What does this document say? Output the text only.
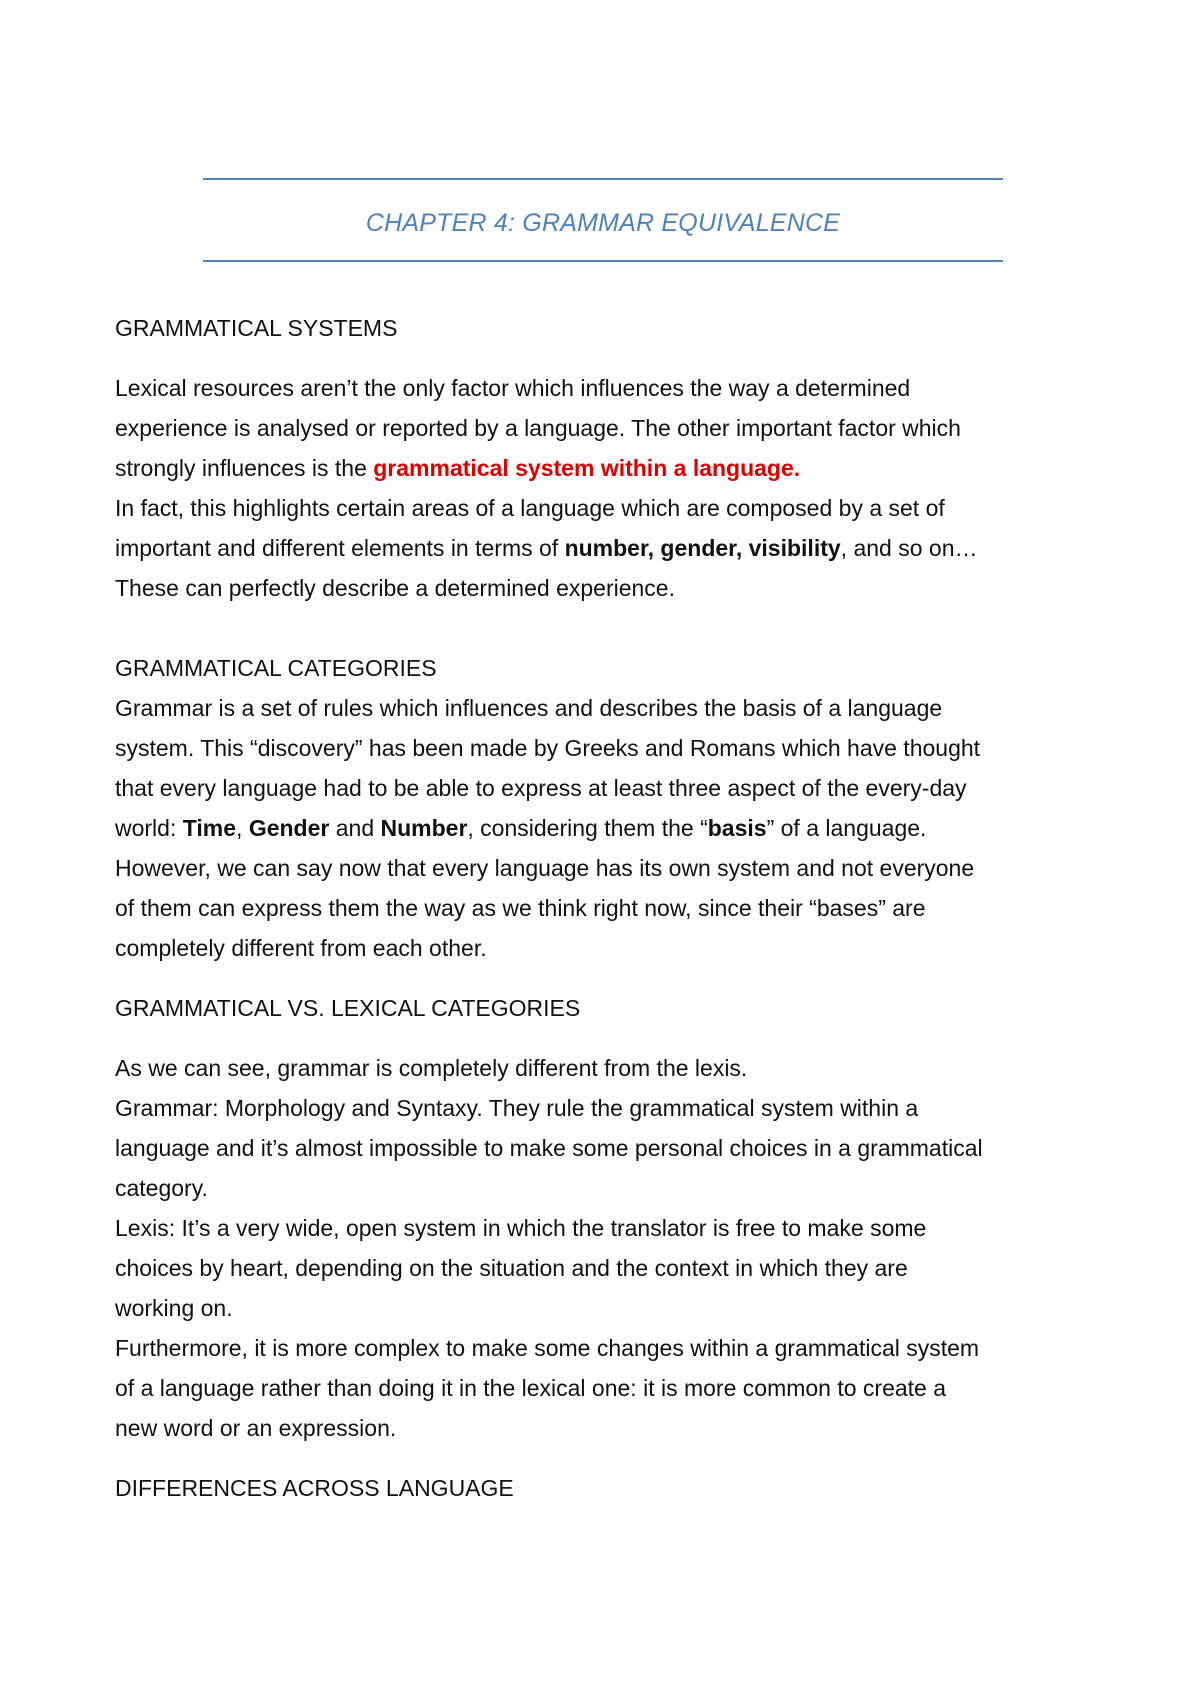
CHAPTER 4: GRAMMAR EQUIVALENCE
GRAMMATICAL SYSTEMS
Lexical resources aren’t the only factor which influences the way a determined
experience is analysed or reported by a language. The other important factor which
strongly influences is the grammatical system within a language.
In fact, this highlights certain areas of a language which are composed by a set of
important and different elements in terms of number, gender, visibility, and so on…
These can perfectly describe a determined experience.
GRAMMATICAL CATEGORIES
Grammar is a set of rules which influences and describes the basis of a language
system. This “discovery” has been made by Greeks and Romans which have thought
that every language had to be able to express at least three aspect of the every-day
world: Time, Gender and Number, considering them the “basis” of a language.
However, we can say now that every language has its own system and not everyone
of them can express them the way as we think right now, since their “bases” are
completely different from each other.
GRAMMATICAL VS. LEXICAL CATEGORIES
As we can see, grammar is completely different from the lexis.
Grammar: Morphology and Syntaxy. They rule the grammatical system within a
language and it’s almost impossible to make some personal choices in a grammatical
category.
Lexis: It’s a very wide, open system in which the translator is free to make some
choices by heart, depending on the situation and the context in which they are
working on.
Furthermore, it is more complex to make some changes within a grammatical system
of a language rather than doing it in the lexical one: it is more common to create a
new word or an expression.
DIFFERENCES ACROSS LANGUAGE
